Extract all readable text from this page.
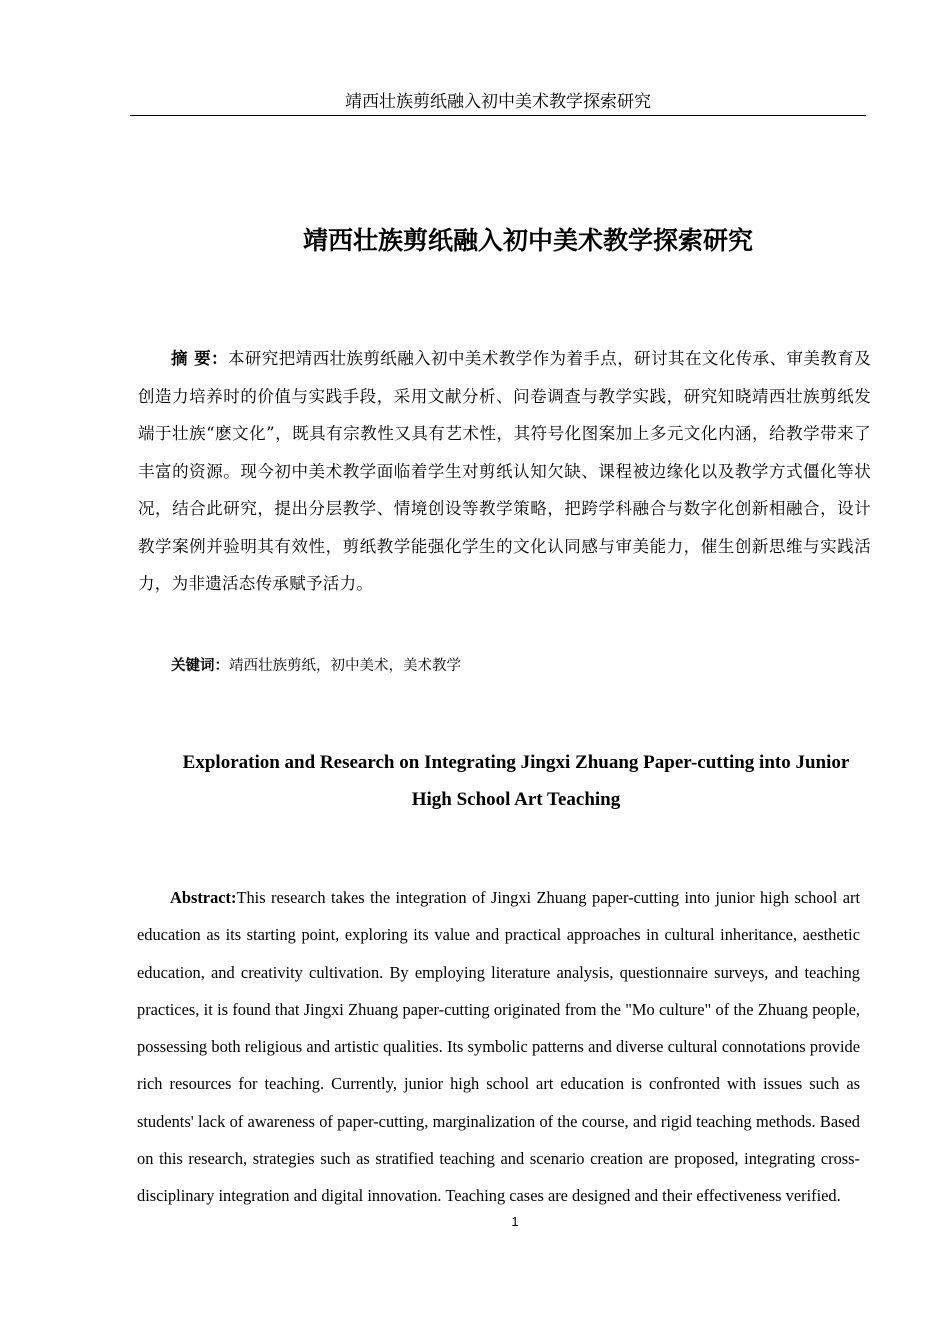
靖西壮族剪纸融入初中美术教学探索研究
靖西壮族剪纸融入初中美术教学探索研究

摘 要：本研究把靖西壮族剪纸融入初中美术教学作为着手点，研讨其在文化传承、审美教育及创造力培养时的价值与实践手段，采用文献分析、问卷调查与教学实践，研究知晓靖西壮族剪纸发端于壮族“麽文化”，既具有宗教性又具有艺术性，其符号化图案加上多元文化内涵，给教学带来了丰富的资源。现今初中美术教学面临着学生对剪纸认知欠缺、课程被边缘化以及教学方式僵化等状况，结合此研究，提出分层教学、情境创设等教学策略，把跨学科融合与数字化创新相融合，设计教学案例并验明其有效性，剪纸教学能强化学生的文化认同感与审美能力，催生创新思维与实践活力，为非遗活态传承赋予活力。

关键词：靖西壮族剪纸，初中美术，美术教学

Exploration and Research on Integrating Jingxi Zhuang Paper-cutting into Junior High School Art Teaching

Abstract:This research takes the integration of Jingxi Zhuang paper-cutting into junior high school art education as its starting point, exploring its value and practical approaches in cultural inheritance, aesthetic education, and creativity cultivation. By employing literature analysis, questionnaire surveys, and teaching practices, it is found that Jingxi Zhuang paper-cutting originated from the "Mo culture" of the Zhuang people, possessing both religious and artistic qualities. Its symbolic patterns and diverse cultural connotations provide rich resources for teaching. Currently, junior high school art education is confronted with issues such as students' lack of awareness of paper-cutting, marginalization of the course, and rigid teaching methods. Based on this research, strategies such as stratified teaching and scenario creation are proposed, integrating cross-disciplinary integration and digital innovation. Teaching cases are designed and their effectiveness verified.

1
